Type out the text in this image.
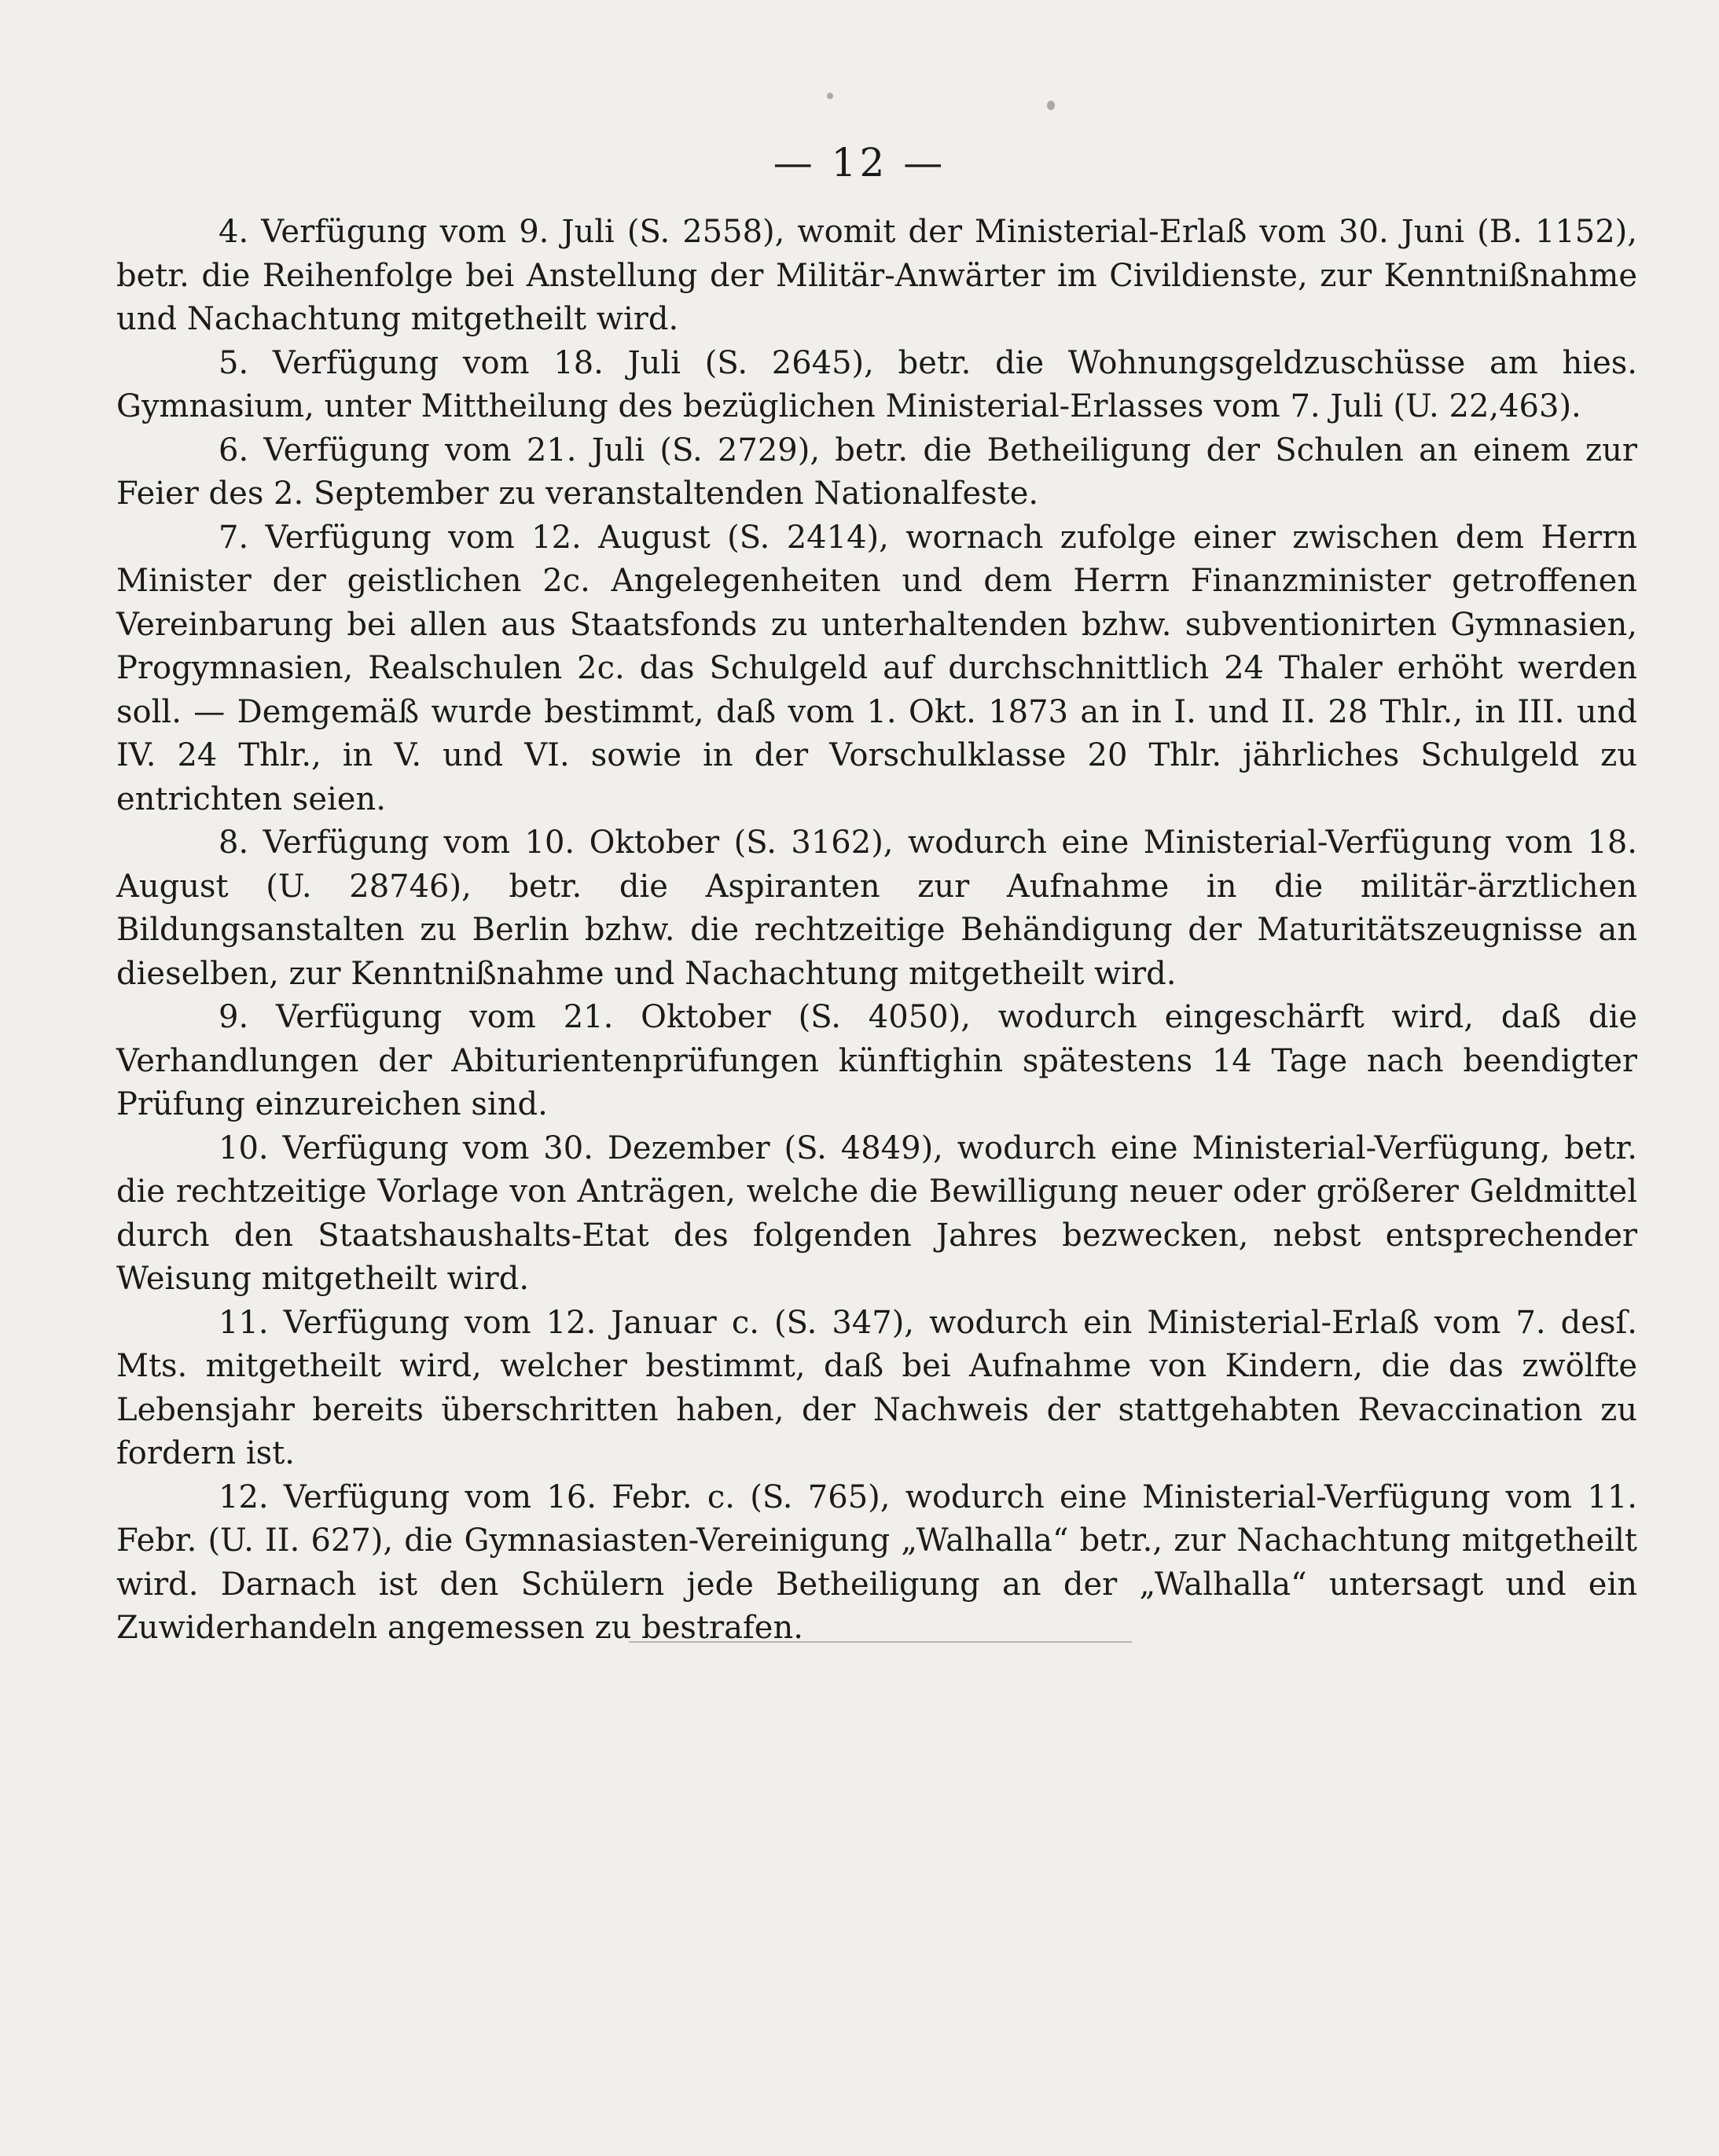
— 12 —

4. Verfügung vom 9. Juli (S. 2558), womit der Ministerial-Erlaß vom 30. Juni (B. 1152), betr. die Reihenfolge bei Anstellung der Militär-Anwärter im Civildienste, zur Kenntnißnahme und Nachachtung mitgetheilt wird.

5. Verfügung vom 18. Juli (S. 2645), betr. die Wohnungsgeldzuschüsse am hies. Gymnasium, unter Mittheilung des bezüglichen Ministerial-Erlasses vom 7. Juli (U. 22,463).

6. Verfügung vom 21. Juli (S. 2729), betr. die Betheiligung der Schulen an einem zur Feier des 2. September zu veranstaltenden Nationalfeste.

7. Verfügung vom 12. August (S. 2414), wornach zufolge einer zwischen dem Herrn Minister der geistlichen 2c. Angelegenheiten und dem Herrn Finanzminister getroffenen Vereinbarung bei allen aus Staatsfonds zu unterhaltenden bzhw. subventionirten Gymnasien, Progymnasien, Realschulen 2c. das Schulgeld auf durchschnittlich 24 Thaler erhöht werden soll. — Demgemäß wurde bestimmt, daß vom 1. Okt. 1873 an in I. und II. 28 Thlr., in III. und IV. 24 Thlr., in V. und VI. sowie in der Vorschulklasse 20 Thlr. jährliches Schulgeld zu entrichten seien.

8. Verfügung vom 10. Oktober (S. 3162), wodurch eine Ministerial-Verfügung vom 18. August (U. 28746), betr. die Aspiranten zur Aufnahme in die militär-ärztlichen Bildungsanstalten zu Berlin bzhw. die rechtzeitige Behändigung der Maturitätszeugnisse an dieselben, zur Kenntnißnahme und Nachachtung mitgetheilt wird.

9. Verfügung vom 21. Oktober (S. 4050), wodurch eingeschärft wird, daß die Verhandlungen der Abiturientenprüfungen künftighin spätestens 14 Tage nach beendigter Prüfung einzureichen sind.

10. Verfügung vom 30. Dezember (S. 4849), wodurch eine Ministerial-Verfügung, betr. die rechtzeitige Vorlage von Anträgen, welche die Bewilligung neuer oder größerer Geldmittel durch den Staatshaushalts-Etat des folgenden Jahres bezwecken, nebst entsprechender Weisung mitgetheilt wird.

11. Verfügung vom 12. Januar c. (S. 347), wodurch ein Ministerial-Erlaß vom 7. desſ. Mts. mitgetheilt wird, welcher bestimmt, daß bei Aufnahme von Kindern, die das zwölfte Lebensjahr bereits überschritten haben, der Nachweis der stattgehabten Revaccination zu fordern ist.

12. Verfügung vom 16. Febr. c. (S. 765), wodurch eine Ministerial-Verfügung vom 11. Febr. (U. II. 627), die Gymnasiasten-Vereinigung „Walhalla“ betr., zur Nachachtung mitgetheilt wird. Darnach ist den Schülern jede Betheiligung an der „Walhalla“ untersagt und ein Zuwiderhandeln angemessen zu bestrafen.
